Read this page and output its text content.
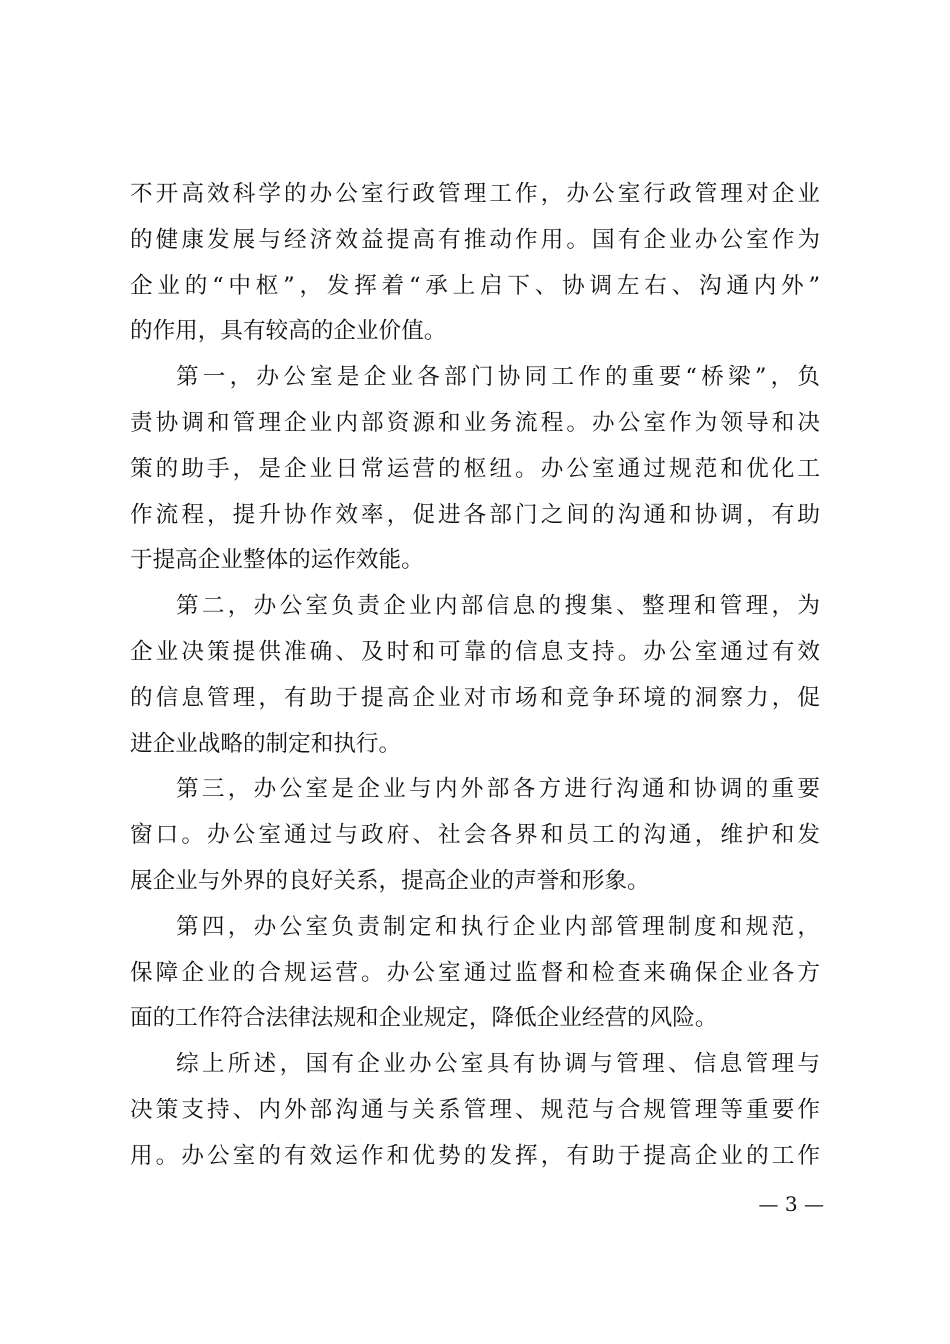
不开高效科学的办公室行政管理工作，办公室行政管理对企业
的健康发展与经济效益提高有推动作用。国有企业办公室作为
企业的“中枢”，发挥着“承上启下、协调左右、沟通内外”
的作用，具有较高的企业价值。
第一，办公室是企业各部门协同工作的重要“桥梁”，负
责协调和管理企业内部资源和业务流程。办公室作为领导和决
策的助手，是企业日常运营的枢纽。办公室通过规范和优化工
作流程，提升协作效率，促进各部门之间的沟通和协调，有助
于提高企业整体的运作效能。
第二，办公室负责企业内部信息的搜集、整理和管理，为
企业决策提供准确、及时和可靠的信息支持。办公室通过有效
的信息管理，有助于提高企业对市场和竞争环境的洞察力，促
进企业战略的制定和执行。
第三，办公室是企业与内外部各方进行沟通和协调的重要
窗口。办公室通过与政府、社会各界和员工的沟通，维护和发
展企业与外界的良好关系，提高企业的声誉和形象。
第四，办公室负责制定和执行企业内部管理制度和规范，
保障企业的合规运营。办公室通过监督和检查来确保企业各方
面的工作符合法律法规和企业规定，降低企业经营的风险。
综上所述，国有企业办公室具有协调与管理、信息管理与
决策支持、内外部沟通与关系管理、规范与合规管理等重要作
用。办公室的有效运作和优势的发挥，有助于提高企业的工作
— 3 —
